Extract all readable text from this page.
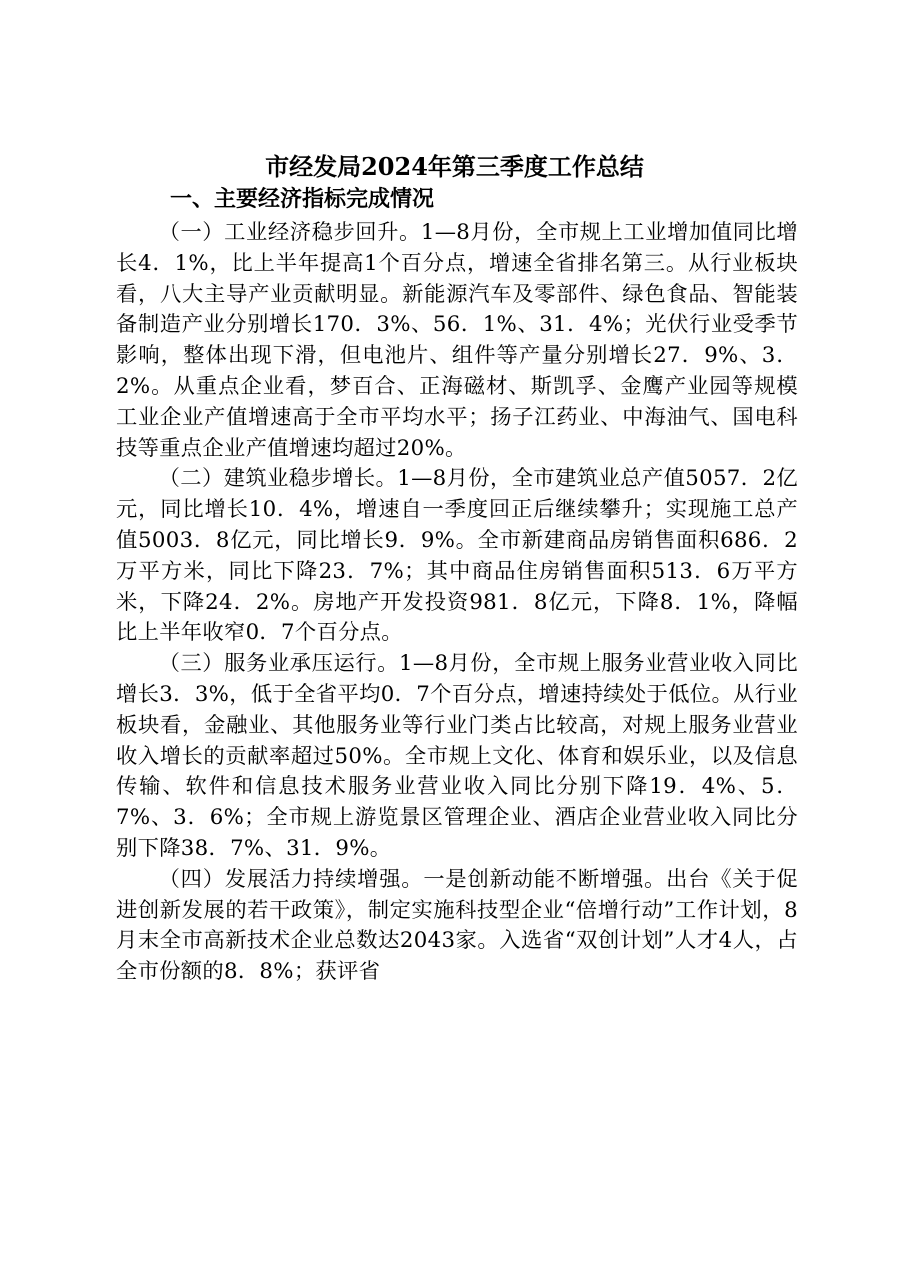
市经发局2024年第三季度工作总结
一、主要经济指标完成情况

（一）工业经济稳步回升。1—8月份，全市规上工业增加值同比增长4．1%，比上半年提高1个百分点，增速全省排名第三。从行业板块看，八大主导产业贡献明显。新能源汽车及零部件、绿色食品、智能装备制造产业分别增长170．3%、56．1%、31．4%；光伏行业受季节影响，整体出现下滑，但电池片、组件等产量分别增长27．9%、3．2%。从重点企业看，梦百合、正海磁材、斯凯孚、金鹰产业园等规模工业企业产值增速高于全市平均水平；扬子江药业、中海油气、国电科技等重点企业产值增速均超过20%。

（二）建筑业稳步增长。1—8月份，全市建筑业总产值5057．2亿元，同比增长10．4%，增速自一季度回正后继续攀升；实现施工总产值5003．8亿元，同比增长9．9%。全市新建商品房销售面积686．2万平方米，同比下降23．7%；其中商品住房销售面积513．6万平方米，下降24．2%。房地产开发投资981．8亿元，下降8．1%，降幅比上半年收窄0．7个百分点。

（三）服务业承压运行。1—8月份，全市规上服务业营业收入同比增长3．3%，低于全省平均0．7个百分点，增速持续处于低位。从行业板块看，金融业、其他服务业等行业门类占比较高，对规上服务业营业收入增长的贡献率超过50%。全市规上文化、体育和娱乐业，以及信息传输、软件和信息技术服务业营业收入同比分别下降19．4%、5．7%、3．6%；全市规上游览景区管理企业、酒店企业营业收入同比分别下降38．7%、31．9%。

（四）发展活力持续增强。一是创新动能不断增强。出台《关于促进创新发展的若干政策》，制定实施科技型企业“倍增行动”工作计划，8月末全市高新技术企业总数达2043家。入选省“双创计划”人才4人，占全市份额的8．8%；获评省
